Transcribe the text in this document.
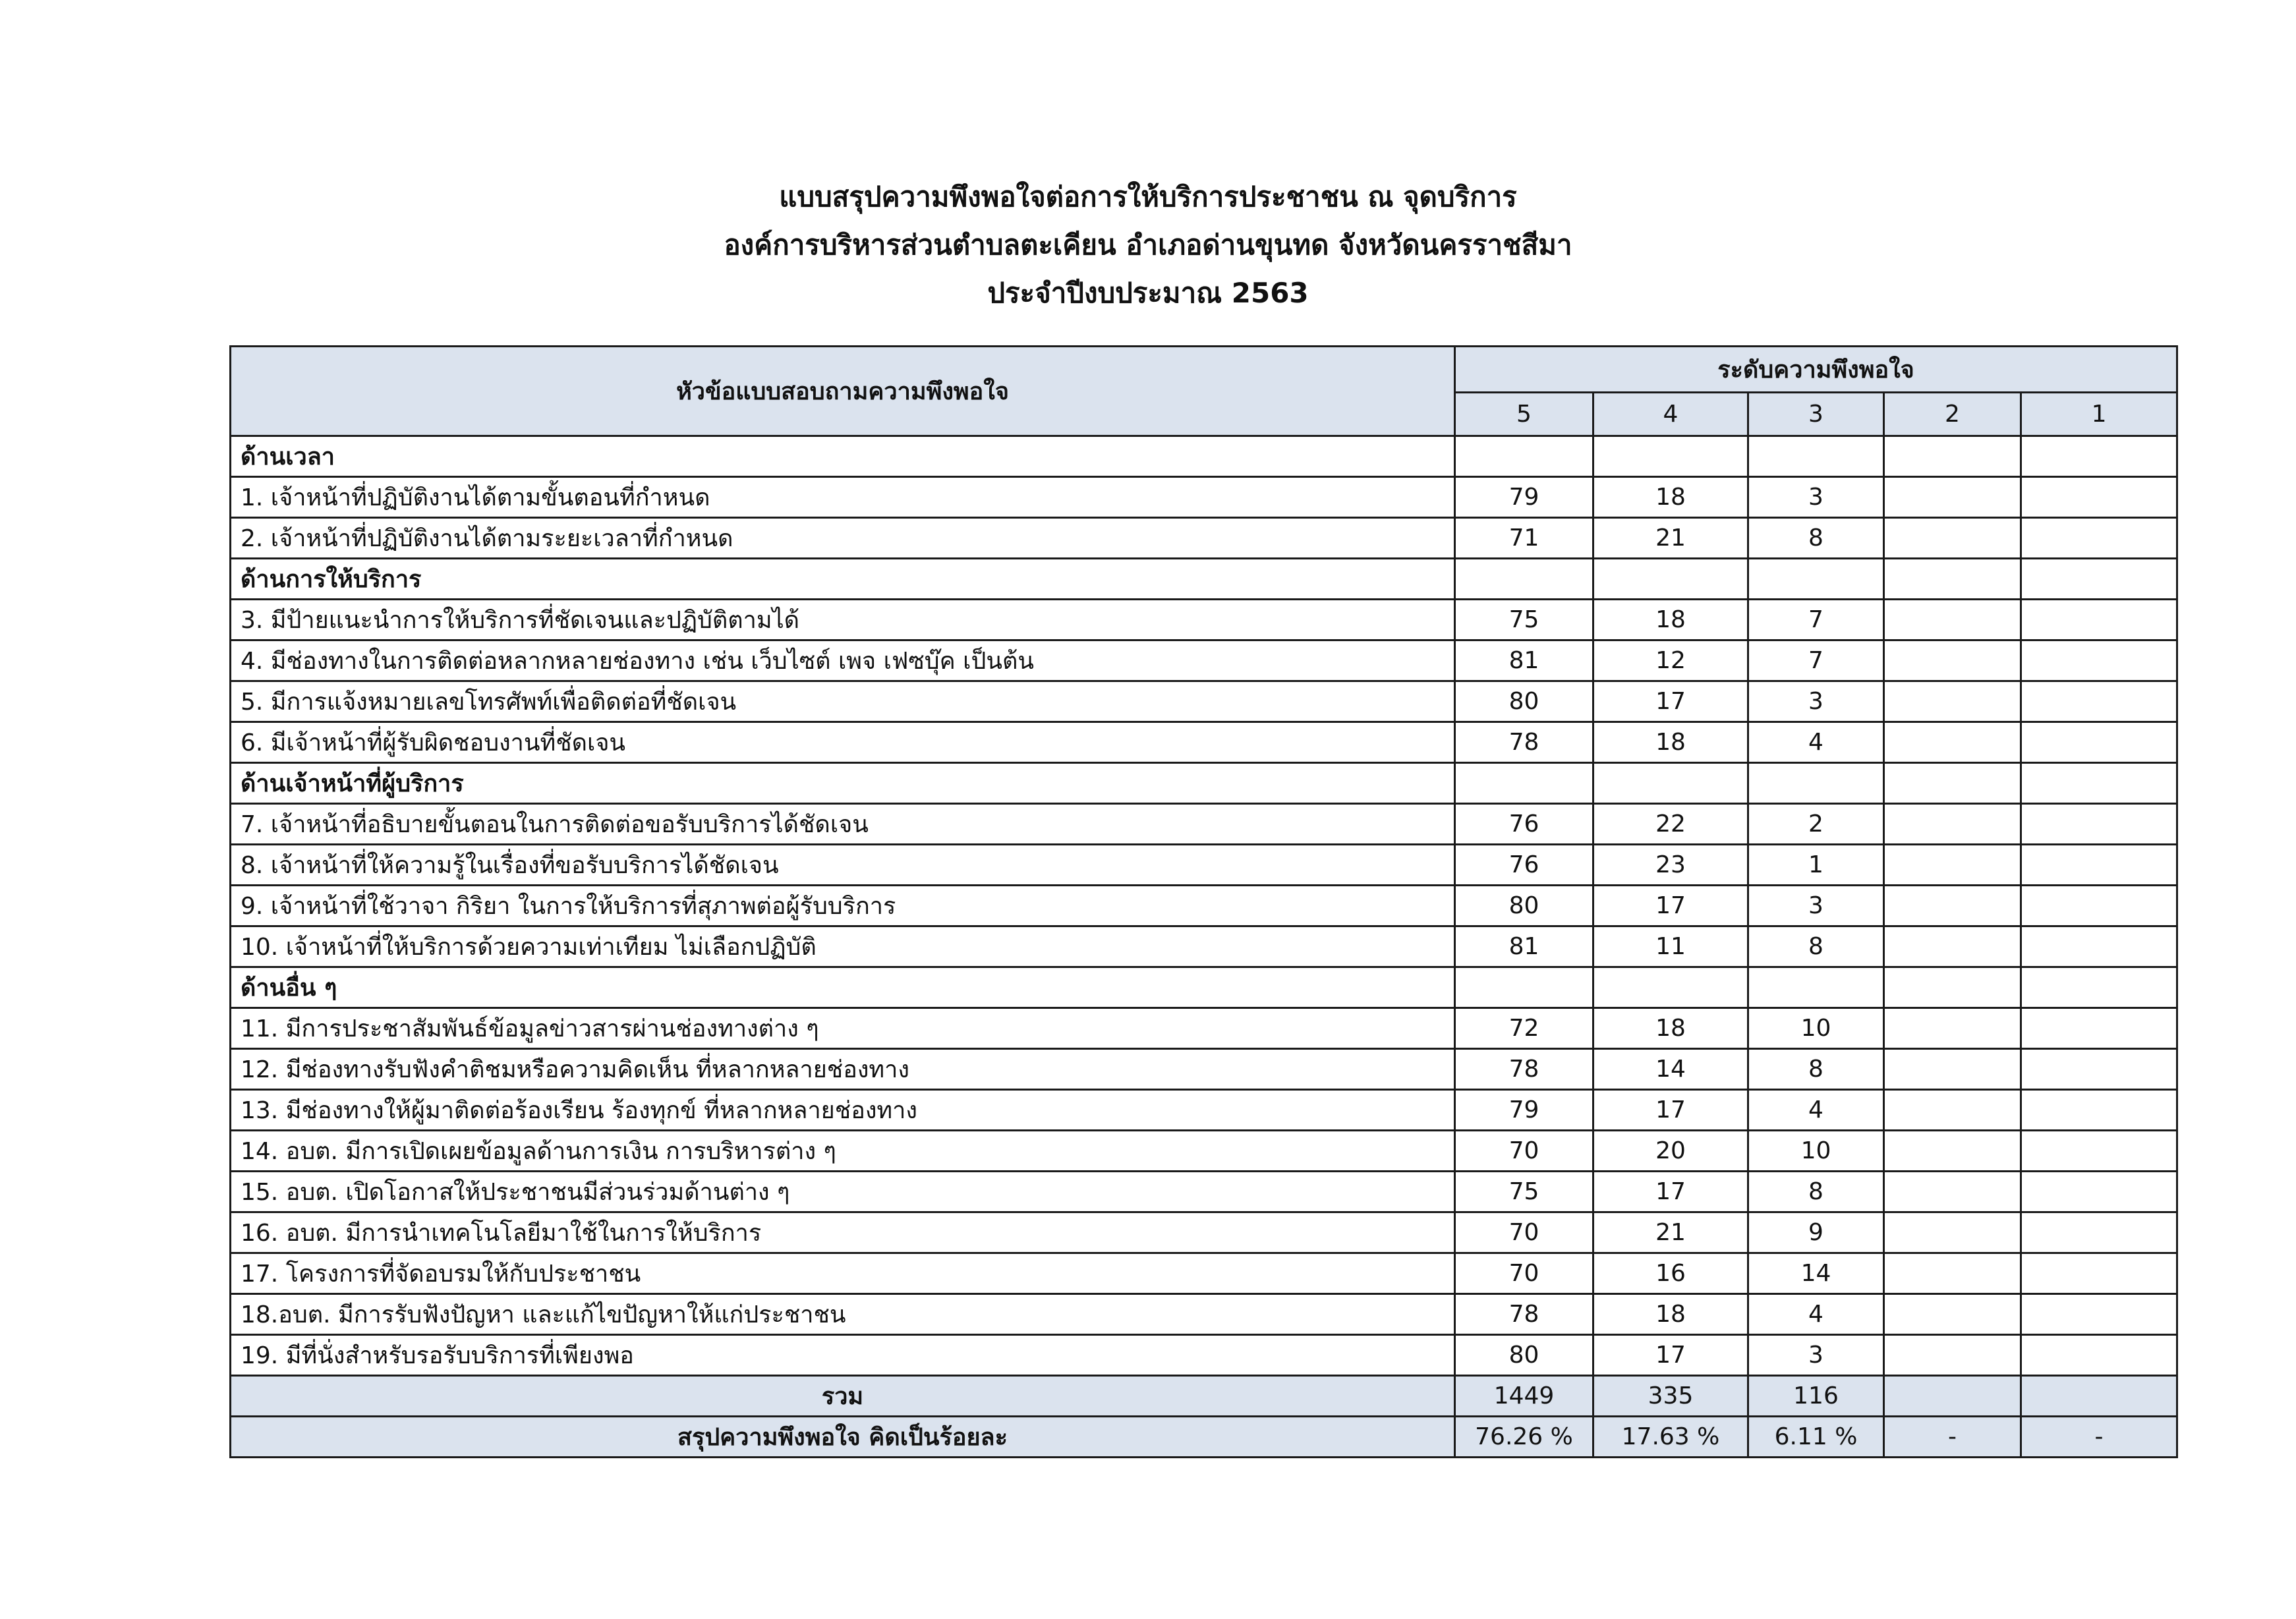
แบบสรุปความพึงพอใจต่อการให้บริการประชาชน ณ จุดบริการ
องค์การบริหารส่วนตำบลตะเคียน อำเภอด่านขุนทด จังหวัดนครราชสีมา
ประจำปีงบประมาณ 2563
หัวข้อแบบสอบถามความพึงพอใจ	ระดับความพึงพอใจ				
	5	4	3	2	1
ด้านเวลา					
1. เจ้าหน้าที่ปฏิบัติงานได้ตามขั้นตอนที่กำหนด	79	18	3		
2. เจ้าหน้าที่ปฏิบัติงานได้ตามระยะเวลาที่กำหนด	71	21	8		
ด้านการให้บริการ					
3. มีป้ายแนะนำการให้บริการที่ชัดเจนและปฏิบัติตามได้	75	18	7		
4. มีช่องทางในการติดต่อหลากหลายช่องทาง เช่น เว็บไซต์ เพจ เฟซบุ๊ค เป็นต้น	81	12	7		
5. มีการแจ้งหมายเลขโทรศัพท์เพื่อติดต่อที่ชัดเจน	80	17	3		
6. มีเจ้าหน้าที่ผู้รับผิดชอบงานที่ชัดเจน	78	18	4		
ด้านเจ้าหน้าที่ผู้บริการ					
7. เจ้าหน้าที่อธิบายขั้นตอนในการติดต่อขอรับบริการได้ชัดเจน	76	22	2		
8. เจ้าหน้าที่ให้ความรู้ในเรื่องที่ขอรับบริการได้ชัดเจน	76	23	1		
9. เจ้าหน้าที่ใช้วาจา กิริยา ในการให้บริการที่สุภาพต่อผู้รับบริการ	80	17	3		
10. เจ้าหน้าที่ให้บริการด้วยความเท่าเทียม ไม่เลือกปฏิบัติ	81	11	8		
ด้านอื่น ๆ					
11. มีการประชาสัมพันธ์ข้อมูลข่าวสารผ่านช่องทางต่าง ๆ	72	18	10		
12. มีช่องทางรับฟังคำติชมหรือความคิดเห็น ที่หลากหลายช่องทาง	78	14	8		
13. มีช่องทางให้ผู้มาติดต่อร้องเรียน ร้องทุกข์ ที่หลากหลายช่องทาง	79	17	4		
14. อบต. มีการเปิดเผยข้อมูลด้านการเงิน การบริหารต่าง ๆ	70	20	10		
15. อบต. เปิดโอกาสให้ประชาชนมีส่วนร่วมด้านต่าง ๆ	75	17	8		
16. อบต. มีการนำเทคโนโลยีมาใช้ในการให้บริการ	70	21	9		
17. โครงการที่จัดอบรมให้กับประชาชน	70	16	14		
18.อบต. มีการรับฟังปัญหา และแก้ไขปัญหาให้แก่ประชาชน	78	18	4		
19. มีที่นั่งสำหรับรอรับบริการที่เพียงพอ	80	17	3		
รวม	1449	335	116		
สรุปความพึงพอใจ คิดเป็นร้อยละ	76.26 %	17.63 %	6.11 %	-	-
